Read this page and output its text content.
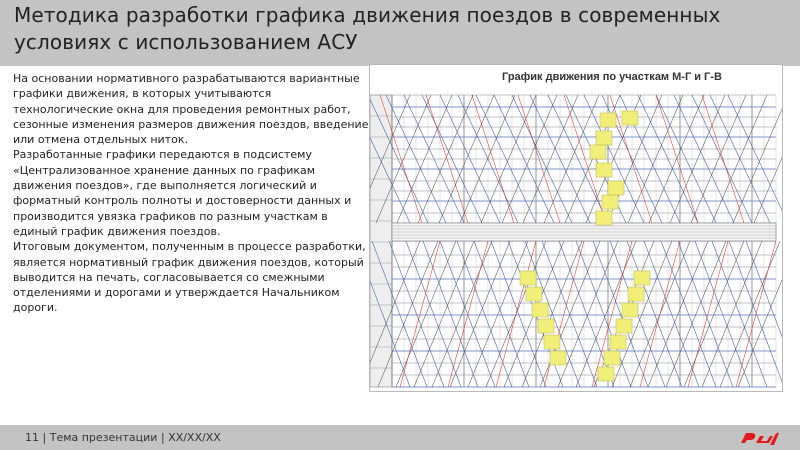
Методика разработки графика движения поездов в современных условиях с использованием АСУ

На основании нормативного разрабатываются вариантные графики движения, в которых учитываются технологические окна для проведения ремонтных работ, сезонные изменения размеров движения поездов, введение или отмена отдельных ниток.

Разработанные графики передаются в подсистему «Централизованное хранение данных по графикам движения поездов», где выполняется логический и форматный контроль полноты и достоверности данных и производится увязка графиков по разным участкам в единый график движения поездов.

Итоговым документом, полученным в процессе разработки, является нормативный график движения поездов, который выводится на печать, согласовывается со смежными отделениями и дорогами и утверждается Начальником дороги.

График движения по участкам М-Г и Г-В
11 | Тема презентации | XX/XX/XX
